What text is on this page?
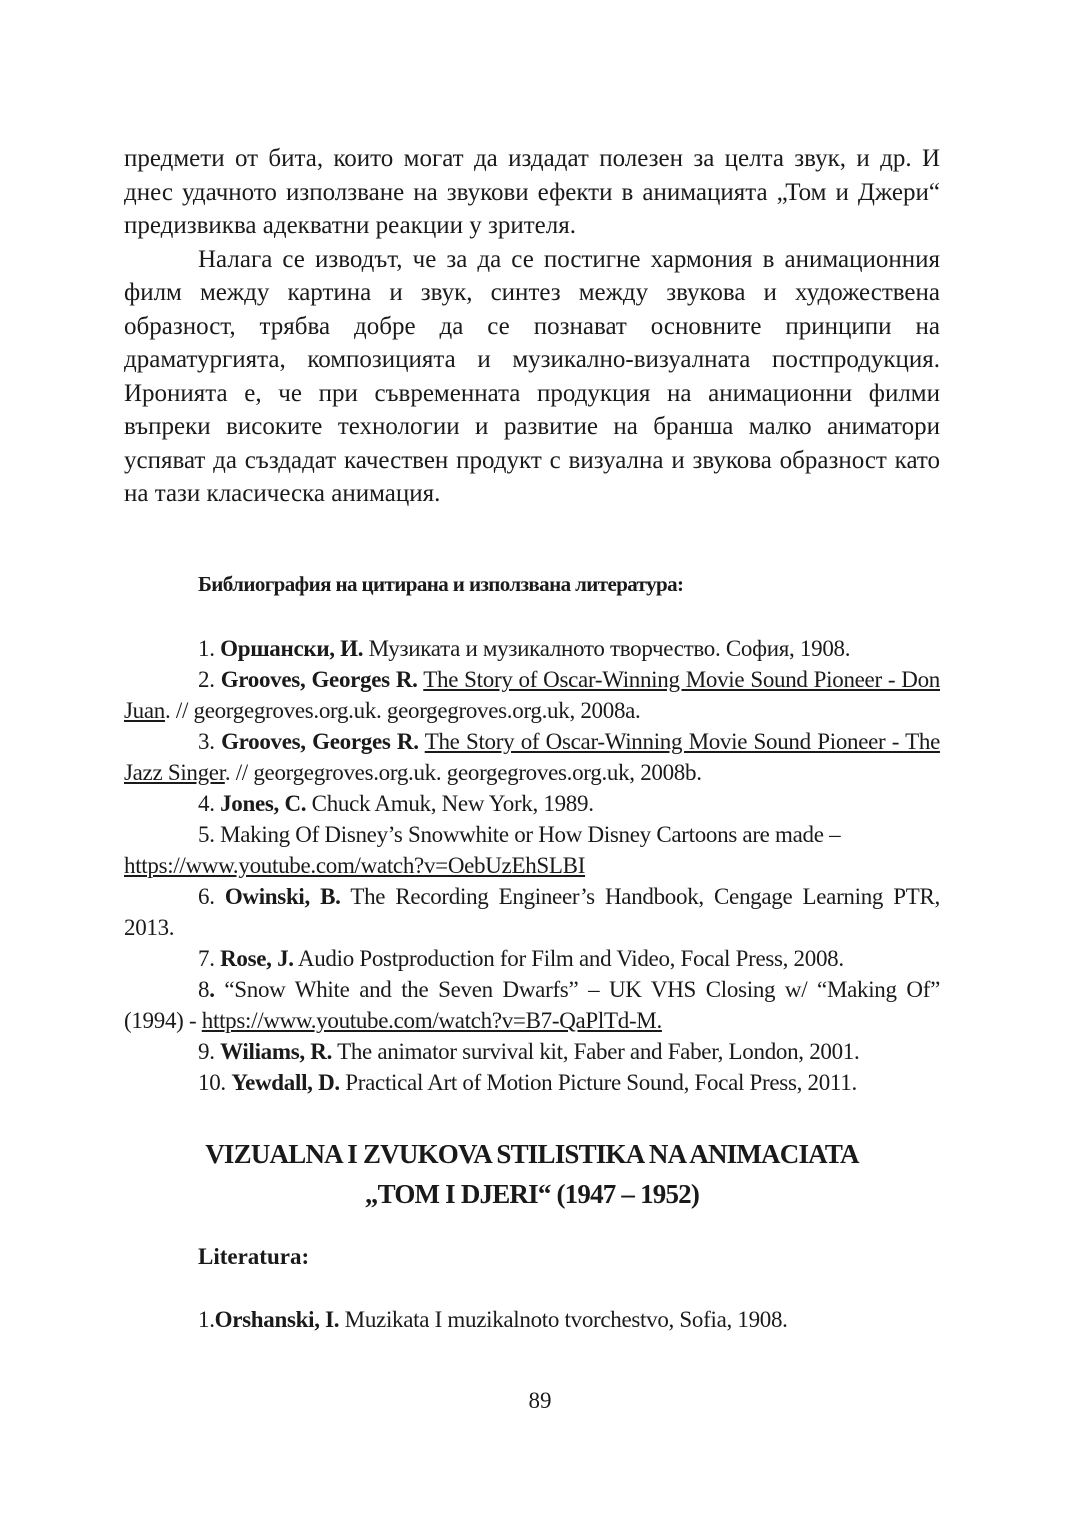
предмети от бита, които могат да издадат полезен за целта звук, и др. И днес удачното използване на звукови ефекти в анимацията „Том и Джери“ предизвиква адекватни реакции у зрителя.

Налага се изводът, че за да се постигне хармония в анимационния филм между картина и звук, синтез между звукова и художествена образност, трябва добре да се познават основните принципи на драматургията, композицията и музикално-визуалната постпродукция. Иронията е, че при съвременната продукция на анимационни филми въпреки високите технологии и развитие на бранша малко аниматори успяват да създадат качествен продукт с визуална и звукова образност като на тази класическа анимация.

Библиография на цитирана и използвана литература:
1. Оршански, И. Музиката и музикалното творчество. София, 1908.
2. Grooves, Georges R. The Story of Oscar-Winning Movie Sound Pioneer - Don Juan. // georgegroves.org.uk. georgegroves.org.uk, 2008a.
3. Grooves, Georges R. The Story of Oscar-Winning Movie Sound Pioneer - The Jazz Singer. // georgegroves.org.uk. georgegroves.org.uk, 2008b.
4. Jones, C. Chuck Amuk, New York, 1989.
5. Making Of Disney’s Snowwhite or How Disney Cartoons are made –
https://www.youtube.com/watch?v=OebUzEhSLBI
6. Owinski, B. The Recording Engineer’s Handbook, Cengage Learning PTR, 2013.
7. Rose, J. Audio Postproduction for Film and Video, Focal Press, 2008.
8. “Snow White and the Seven Dwarfs” – UK VHS Closing w/ “Making Of” (1994) - https://www.youtube.com/watch?v=B7-QaPlTd-M.
9. Wiliams, R. The animator survival kit, Faber and Faber, London, 2001.
10. Yewdall, D. Practical Art of Motion Picture Sound, Focal Press, 2011.
VIZUALNA I ZVUKOVA STILISTIKA NA ANIMACIATA
„TOM I DJERI“ (1947 – 1952)
Literatura:
1.Orshanski, I. Muzikata I muzikalnoto tvorchestvo, Sofia, 1908.
89
